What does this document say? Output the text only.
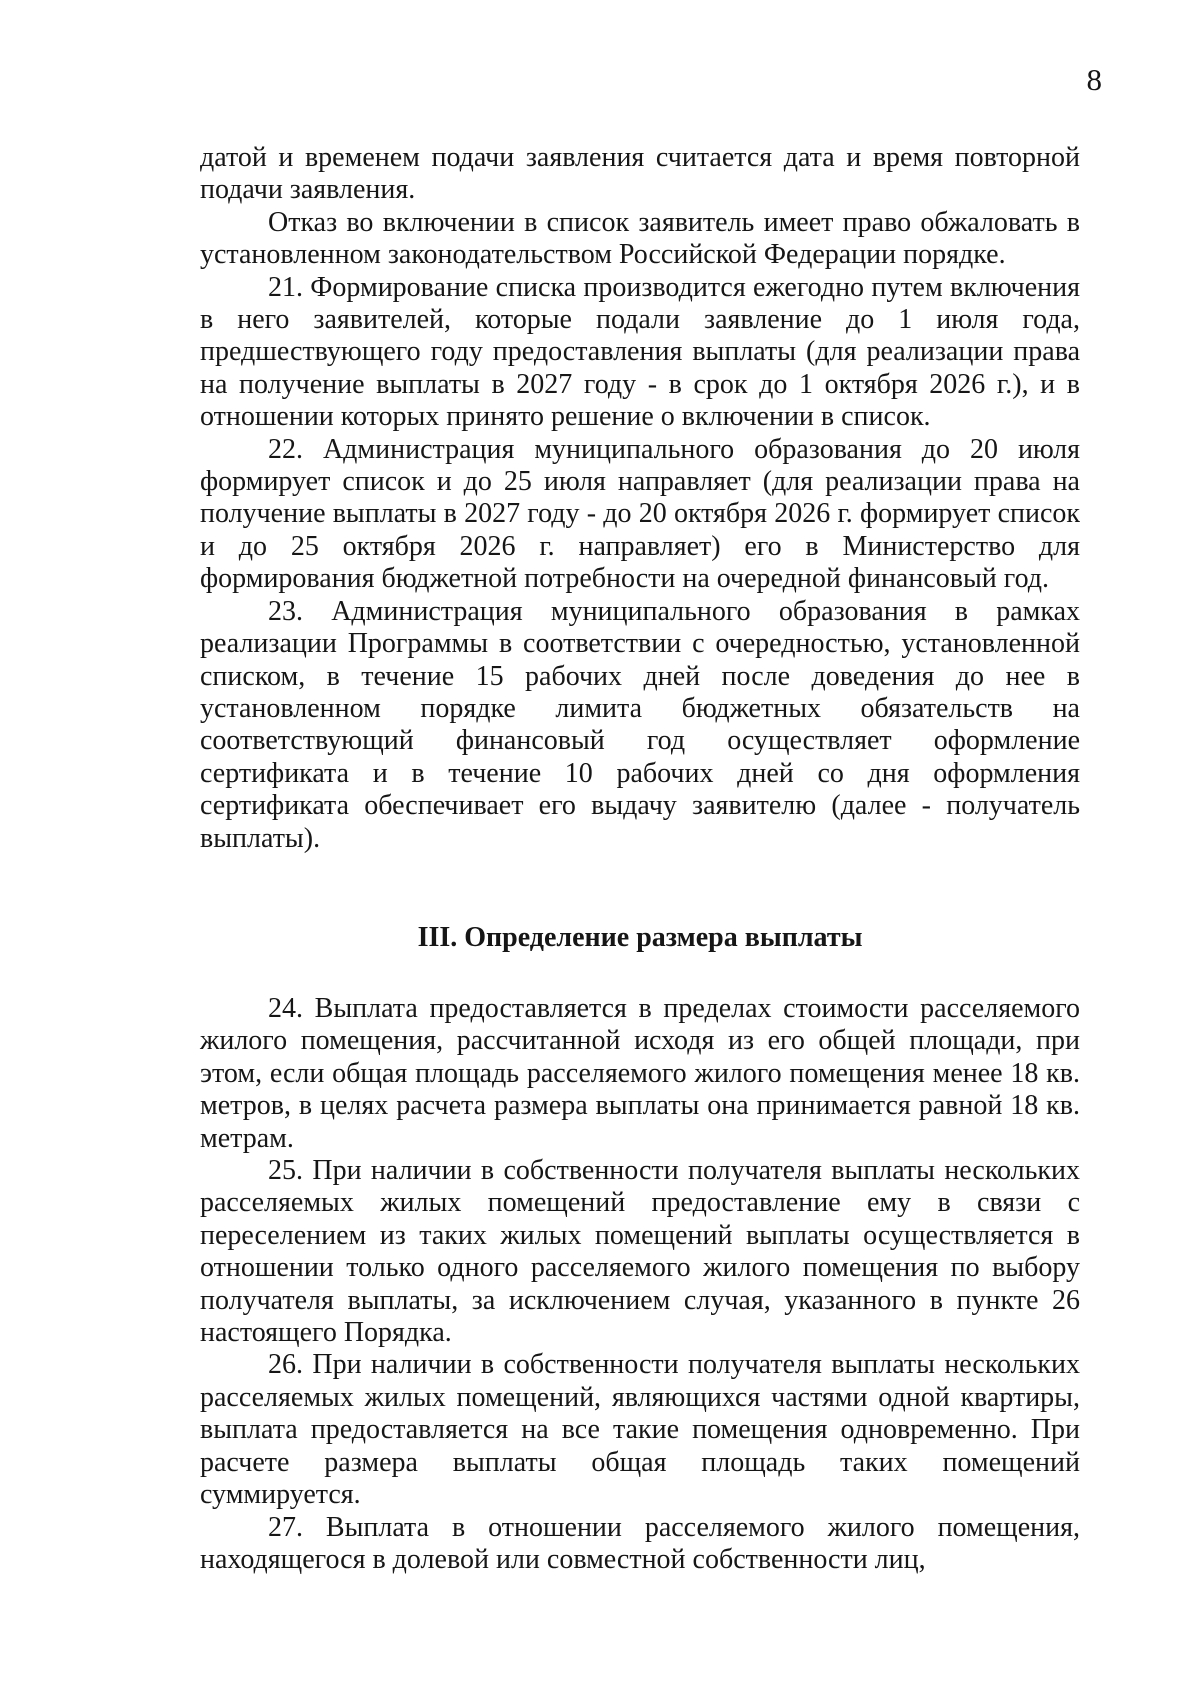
8

датой и временем подачи заявления считается дата и время повторной подачи заявления.

Отказ во включении в список заявитель имеет право обжаловать в установленном законодательством Российской Федерации порядке.

21. Формирование списка производится ежегодно путем включения в него заявителей, которые подали заявление до 1 июля года, предшествующего году предоставления выплаты (для реализации права на получение выплаты в 2027 году - в срок до 1 октября 2026 г.), и в отношении которых принято решение о включении в список.

22. Администрация муниципального образования до 20 июля формирует список и до 25 июля направляет (для реализации права на получение выплаты в 2027 году - до 20 октября 2026 г. формирует список и до 25 октября 2026 г. направляет) его в Министерство для формирования бюджетной потребности на очередной финансовый год.

23. Администрация муниципального образования в рамках реализации Программы в соответствии с очередностью, установленной списком, в течение 15 рабочих дней после доведения до нее в установленном порядке лимита бюджетных обязательств на соответствующий финансовый год осуществляет оформление сертификата и в течение 10 рабочих дней со дня оформления сертификата обеспечивает его выдачу заявителю (далее - получатель выплаты).

III. Определение размера выплаты

24. Выплата предоставляется в пределах стоимости расселяемого жилого помещения, рассчитанной исходя из его общей площади, при этом, если общая площадь расселяемого жилого помещения менее 18 кв. метров, в целях расчета размера выплаты она принимается равной 18 кв. метрам.

25. При наличии в собственности получателя выплаты нескольких расселяемых жилых помещений предоставление ему в связи с переселением из таких жилых помещений выплаты осуществляется в отношении только одного расселяемого жилого помещения по выбору получателя выплаты, за исключением случая, указанного в пункте 26 настоящего Порядка.

26. При наличии в собственности получателя выплаты нескольких расселяемых жилых помещений, являющихся частями одной квартиры, выплата предоставляется на все такие помещения одновременно. При расчете размера выплаты общая площадь таких помещений суммируется.

27. Выплата в отношении расселяемого жилого помещения, находящегося в долевой или совместной собственности лиц,
